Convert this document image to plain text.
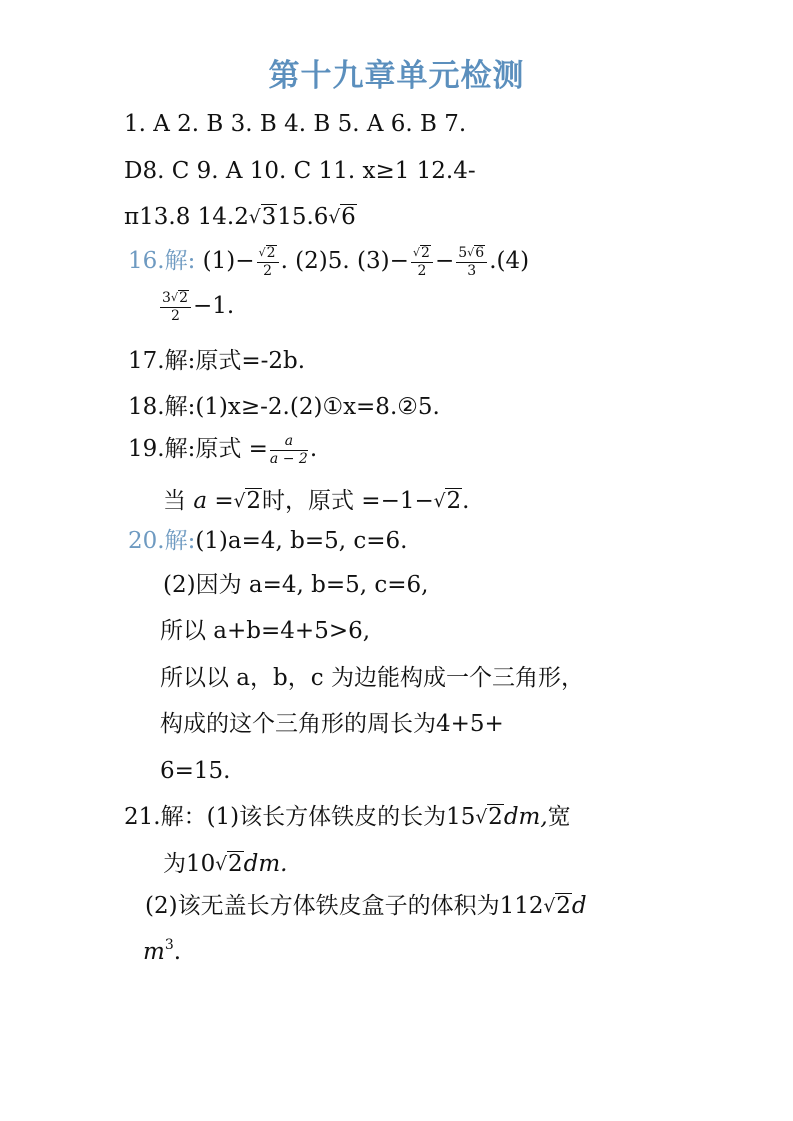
第十九章单元检测
1. A 2. B 3. B 4. B 5. A 6. B 7.
D8. C 9. A 10. C 11. x≥1 12.4-
π13.8 14.2√315.6√6
16.解: $(1)- \frac{√2}{2}$ . (2)5. $(3)- \frac{√2}{2} - \frac{5√6}{3} .(4)$
$\frac{3√2}{2} -1$.
17.解:原式=-2b.
18.解:(1)x≥-2.(2)①x=8.②5.
19.解:原式 = $\frac{a}{a - 2}$ .
当 a =√2时，原式 =−1−√2.
20.解:(1)a=4, b=5, c=6.
(2)因为 a=4, b=5, c=6,
所以 a+b=4+5>6,
所以以 a，b，c 为边能构成一个三角形，
构成的这个三角形的周长为4+5+
6=15.
21.解：(1)该长方体铁皮的长为15√2dm,宽
为10√2dm.
(2)该无盖长方体铁皮盒子的体积为112√2d
$m^3$.
